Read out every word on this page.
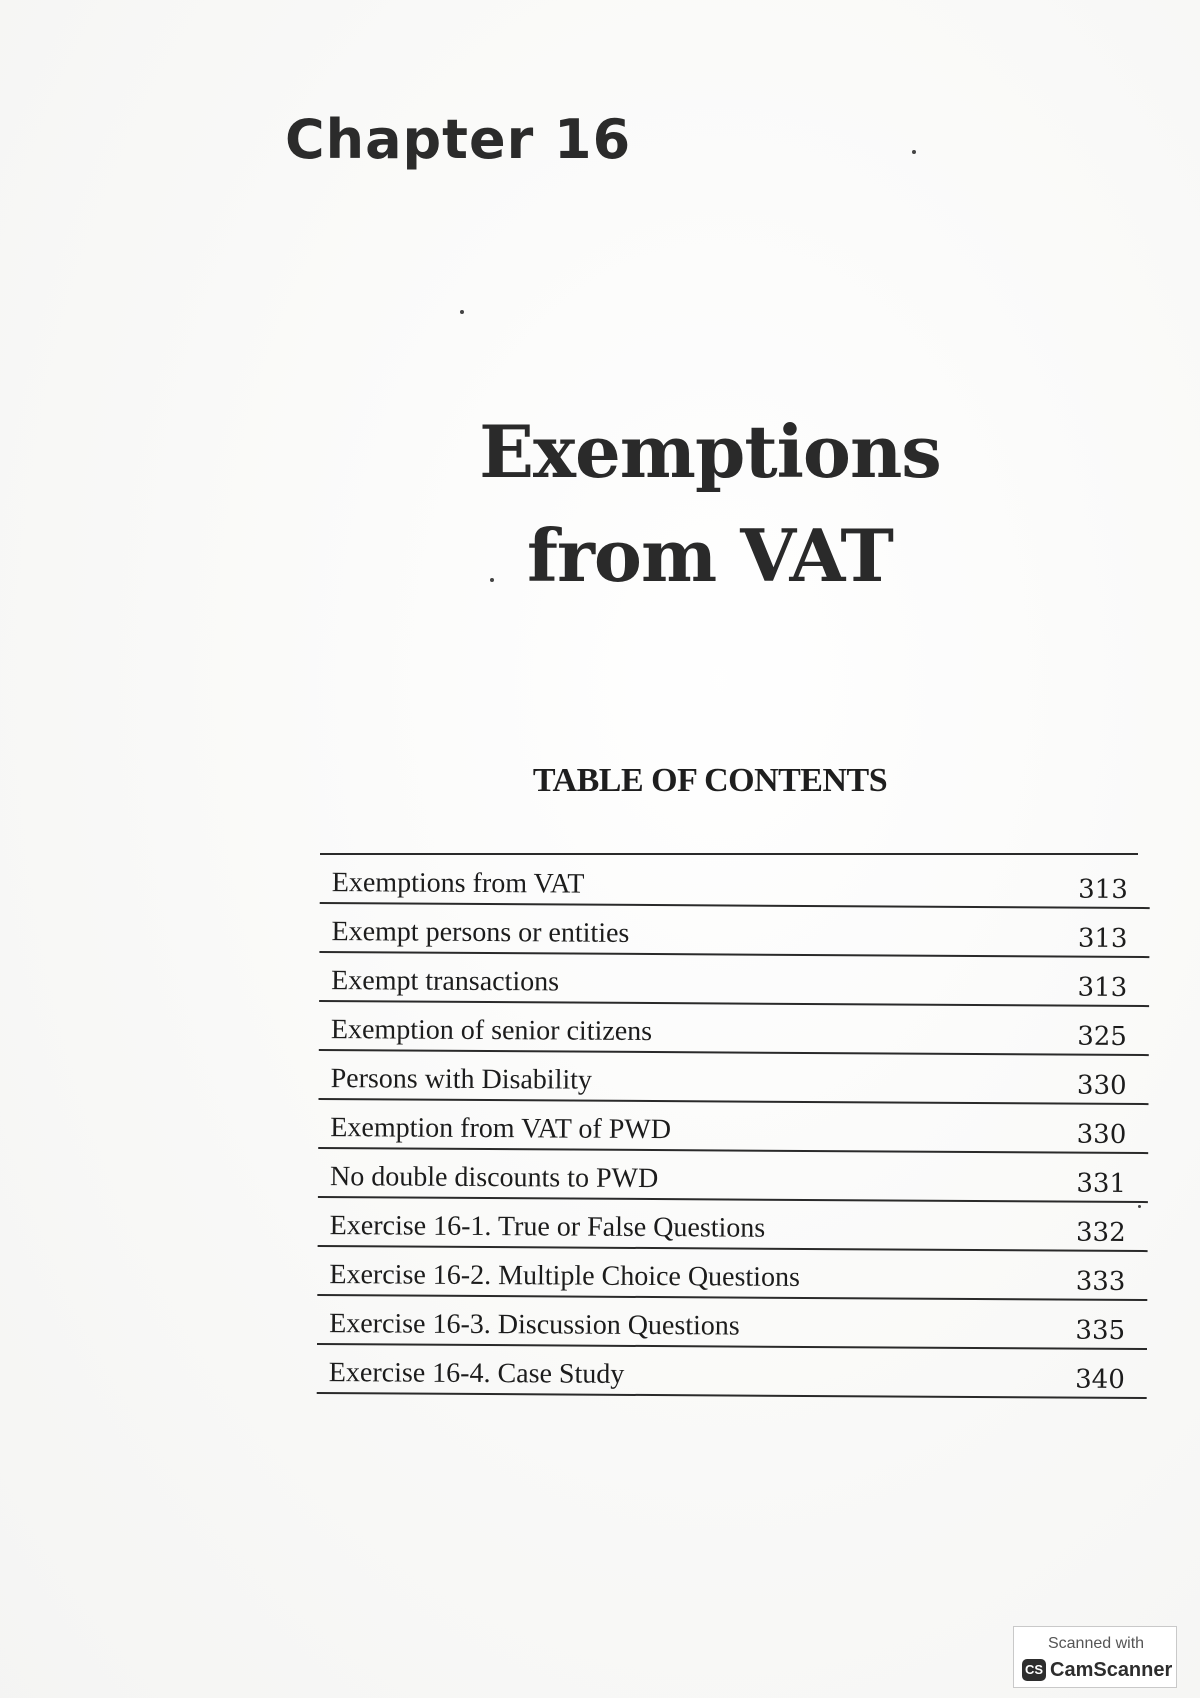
Chapter 16
Exemptions
from VAT
TABLE OF CONTENTS
Exemptions from VAT	313
Exempt persons or entities	313
Exempt transactions	313
Exemption of senior citizens	325
Persons with Disability	330
Exemption from VAT of PWD	330
No double discounts to PWD	331
Exercise 16-1. True or False Questions	332
Exercise 16-2. Multiple Choice Questions	333
Exercise 16-3. Discussion Questions	335
Exercise 16-4. Case Study	340
Scanned with
CS CamScanner
